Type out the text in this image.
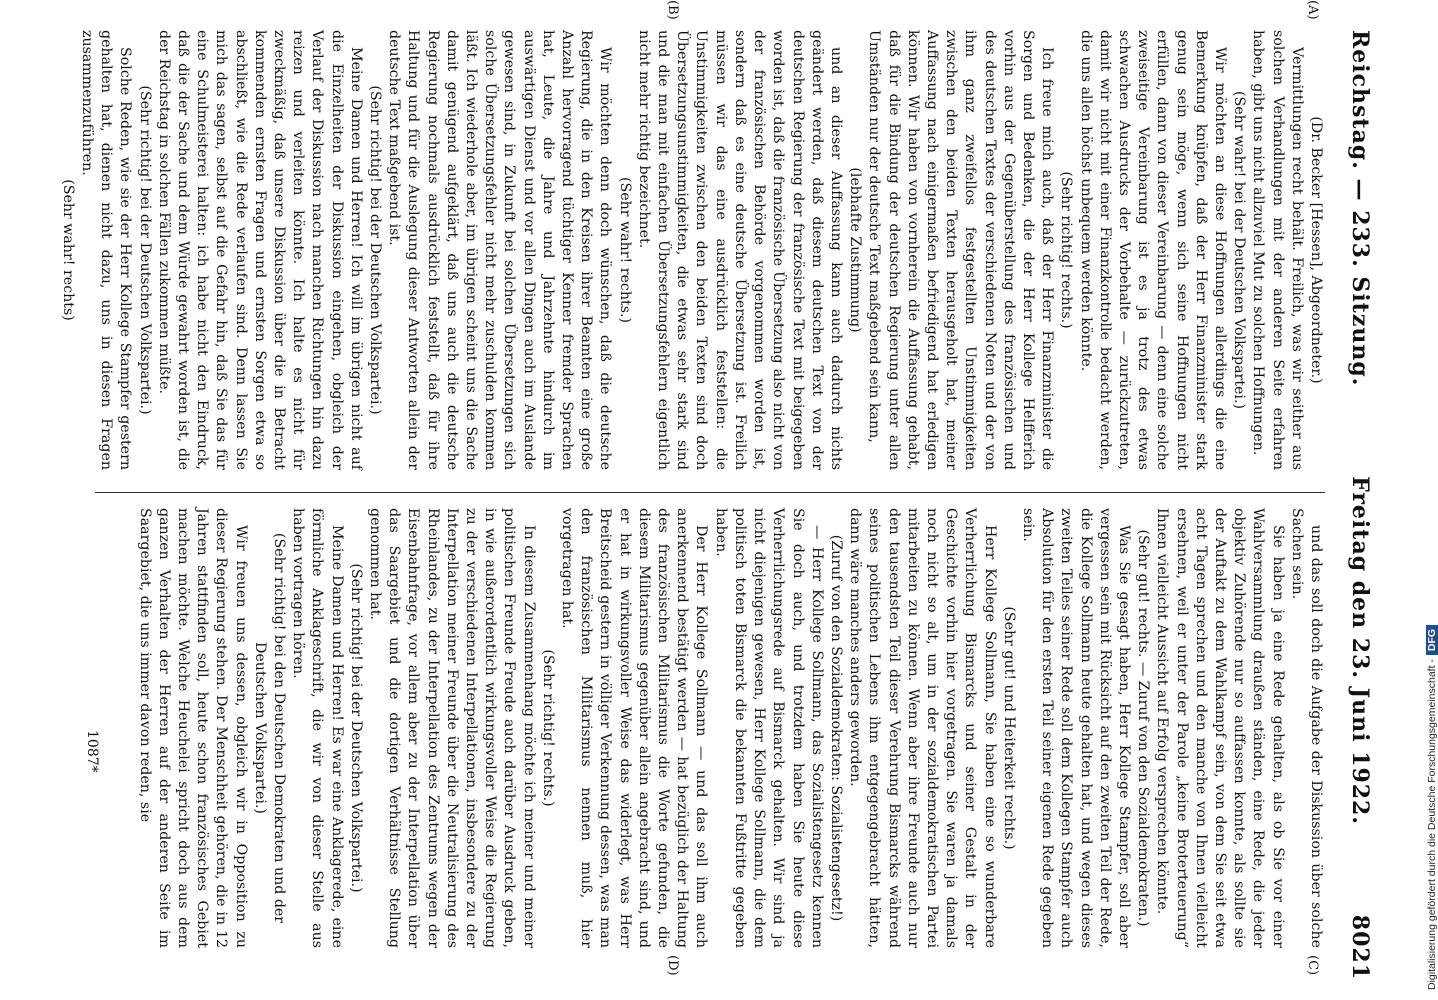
Reichstag. — 233. Sitzung.
Freitag den 23. Juni 1922.
8021
(A)
(B)
(C)
(D)

(Dr. Becker [Hessen], Abgeordneter.)

Vermittlungen recht behält. Freilich, was wir seither aus solchen Verhandlungen mit der anderen Seite erfahren haben, gibt uns nicht allzuviel Mut zu solchen Hoffnungen.

(Sehr wahr! bei der Deutschen Volkspartei.)

Wir möchten an diese Hoffnungen allerdings die eine Bemerkung knüpfen, daß der Herr Finanzminister stark genug sein möge, wenn sich seine Hoffnungen nicht erfüllen, dann von dieser Vereinbarung — denn eine solche zweiseitige Vereinbarung ist es ja trotz des etwas schwachen Ausdrucks der Vorbehalte — zurückzutreten, damit wir nicht mit einer Finanzkontrolle bedacht werden, die uns allen höchst unbequem werden könnte.

(Sehr richtig! rechts.)

Ich freue mich auch, daß der Herr Finanzminister die Sorgen und Bedenken, die der Herr Kollege Helfferich vorhin aus der Gegenüberstellung des französischen und des deutschen Textes der verschiedenen Noten und der von ihm ganz zweifellos festgestellten Unstimmigkeiten zwischen den beiden Texten herausgeholt hat, meiner Auffassung nach einigermaßen befriedigend hat erledigen können. Wir haben von vornherein die Auffassung gehabt, daß für die Bindung der deutschen Regierung unter allen Umständen nur der deutsche Text maßgebend sein kann,

(lebhafte Zustimmung)

und an dieser Auffassung kann auch dadurch nichts geändert werden, daß diesem deutschen Text von der deutschen Regierung der französische Text mit beigegeben worden ist, daß die französische Übersetzung also nicht von der französischen Behörde vorgenommen worden ist, sondern daß es eine deutsche Übersetzung ist. Freilich müssen wir das eine ausdrücklich feststellen: die Unstimmigkeiten zwischen den beiden Texten sind doch Übersetzungsunstimmigkeiten, die etwas sehr stark sind und die man mit einfachen Übersetzungsfehlern eigentlich nicht mehr richtig bezeichnet.

(Sehr wahr! rechts.)

Wir möchten denn doch wünschen, daß die deutsche Regierung, die in den Kreisen ihrer Beamten eine große Anzahl hervorragend tüchtiger Kenner fremder Sprachen hat, Leute, die Jahre und Jahrzehnte hindurch im auswärtigen Dienst und vor allen Dingen auch im Auslande gewesen sind, in Zukunft bei solchen Übersetzungen sich solche Übersetzungsfehler nicht mehr zuschulden kommen läßt. Ich wiederhole aber, im übrigen scheint uns die Sache damit genügend aufgeklärt, daß uns auch die deutsche Regierung nochmals ausdrücklich feststellt, daß für ihre Haltung und für die Auslegung dieser Antworten allein der deutsche Text maßgebend ist.

(Sehr richtig! bei der Deutschen Volkspartei.)

Meine Damen und Herren! Ich will im übrigen nicht auf die Einzelheiten der Diskussion eingehen, obgleich der Verlauf der Diskussion nach manchen Richtungen hin dazu reizen und verleiten könnte. Ich halte es nicht für zweckmäßig, daß unsere Diskussion über die in Betracht kommenden ernsten Fragen und ernsten Sorgen etwa so abschließt, wie die Rede verlaufen sind. Denn lassen Sie mich das sagen, selbst auf die Gefahr hin, daß Sie das für eine Schulmeisterei halten: ich habe nicht den Eindruck, daß die der Sache und dem Würde gewahrt worden ist, die der Reichstag in solchen Fällen zukommen müßte.

(Sehr richtig! bei der Deutschen Volkspartei.)

Solche Reden, wie sie der Herr Kollege Stampfer gestern gehalten hat, dienen nicht dazu, uns in diesen Fragen zusammenzuführen.

(Sehr wahr! rechts)

und das soll doch die Aufgabe der Diskussion über solche Sachen sein.

Sie haben ja eine Rede gehalten, als ob Sie vor einer Wahlversammlung draußen ständen, eine Rede, die jeder objektiv Zuhörende nur so auffassen konnte, als sollte sie der Auftakt zu dem Wahlkampf sein, von dem Sie seit etwa acht Tagen sprechen und den manche von Ihnen vielleicht ersehnen, weil er unter der Parole „keine Broterteuerung“ Ihnen vielleicht Aussicht auf Erfolg versprechen könnte.

(Sehr gut! rechts. — Zuruf von den Sozialdemokraten.)

Was Sie gesagt haben, Herr Kollege Stampfer, soll aber vergessen sein mit Rücksicht auf den zweiten Teil der Rede, die Kollege Sollmann heute gehalten hat, und wegen dieses zweiten Teiles seiner Rede soll dem Kollegen Stampfer auch Absolution für den ersten Teil seiner eigenen Rede gegeben sein.

(Sehr gut! und Heiterkeit rechts.)

Herr Kollege Sollmann, Sie haben eine so wunderbare Verherrlichung Bismarcks und seiner Gestalt in der Geschichte vorhin hier vorgetragen. Sie waren ja damals noch nicht so alt, um in der sozialdemokratischen Partei mitarbeiten zu können. Wenn aber ihre Freunde auch nur den tausendsten Teil dieser Verehrung Bismarcks während seines politischen Lebens ihm entgegengebracht hätten, dann wäre manches anders geworden.

(Zuruf von den Sozialdemokraten: Sozialistengesetz!)

— Herr Kollege Sollmann, das Sozialistengesetz kennen Sie doch auch, und trotzdem haben Sie heute diese Verherrlichungsrede auf Bismarck gehalten. Wir sind ja nicht diejenigen gewesen, Herr Kollege Sollmann, die dem politisch toten Bismarck die bekannten Fußtritte gegeben haben.

Der Herr Kollege Sollmann — und das soll ihm auch anerkennend bestätigt werden — hat bezüglich der Haltung des französischen Militarismus die Worte gefunden, die diesem Militarismus gegenüber allein angebracht sind, und er hat in wirkungsvoller Weise das widerlegt, was Herr Breitscheid gestern in völliger Verkennung dessen, was man den französischen Militarismus nennen muß, hier vorgetragen hat.

(Sehr richtig! rechts.)

In diesem Zusammenhang möchte ich meiner und meiner politischen Freunde Freude auch darüber Ausdruck geben, in wie außerordentlich wirkungsvoller Weise die Regierung zu der verschiedenen Interpellationen, insbesondere zu der Interpellation meiner Freunde über die Neutralisierung des Rheinlandes, zu der Interpellation des Zentrums wegen der Eisenbahnfrage, vor allem aber zu der Interpellation über das Saargebiet und die dortigen Verhältnisse Stellung genommen hat.

(Sehr richtig! bei der Deutschen Volkspartei.)

Meine Damen und Herren! Es war eine Anklagerede, eine förmliche Anklageschrift, die wir von dieser Stelle aus haben vortragen hören.

(Sehr richtig! bei den Deutschen Demokraten und der Deutschen Volkspartei.)

Wir freuen uns dessen, obgleich wir in Opposition zu dieser Regierung stehen. Der Menschheit gehören, die in 12 Jahren stattfinden soll, heute schon französisches Gebiet machen möchte. Welche Heuchelei spricht doch aus dem ganzen Verhalten der Herren auf der anderen Seite im Saargebiet, die uns immer davon reden, sie

1087*	Digitalisierung gefördert durch die Deutsche Forschungsgemeinschaft -DFG
